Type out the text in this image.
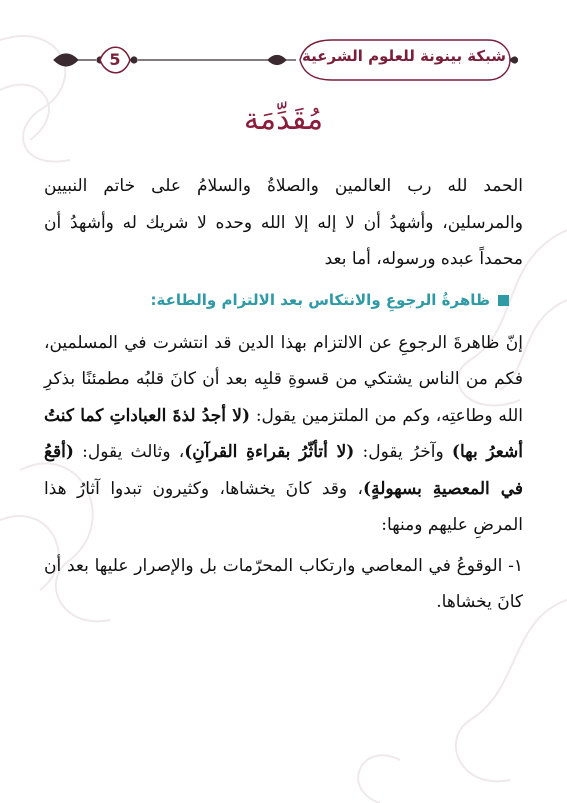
5	شبكة بينونة للعلوم الشرعية
مُقَدِّمَة

الحمد لله رب العالمين والصلاةُ والسلامُ على خاتم النبيين والمرسلين، وأشهدُ أن لا إله إلا الله وحده لا شريك له وأشهدُ أن محمداً عبده ورسوله، أما بعد

ظاهرةُ الرجوعِ والانتكاس بعد الالتزام والطاعة:

إنّ ظاهرةَ الرجوعِ عن الالتزام بهذا الدين قد انتشرت في المسلمين، فكم من الناس يشتكي من قسوةِ قلبِه بعد أن كانَ قلبُه مطمئنًا بذكرِ الله وطاعتِه، وكم من الملتزمين يقول: (لا أجدُ لذةَ العباداتِ كما كنتُ أشعرُ بها) وآخرُ يقول: (لا أتأثّرُ بقراءةِ القرآنِ)، وثالث يقول: (أقعُ في المعصيةِ بسهولةٍ)، وقد كانَ يخشاها، وكثيرون تبدوا آثارُ هذا المرضِ عليهم ومنها:

١- الوقوعُ في المعاصي وارتكاب المحرّمات بل والإصرار عليها بعد أن كانَ يخشاها.
